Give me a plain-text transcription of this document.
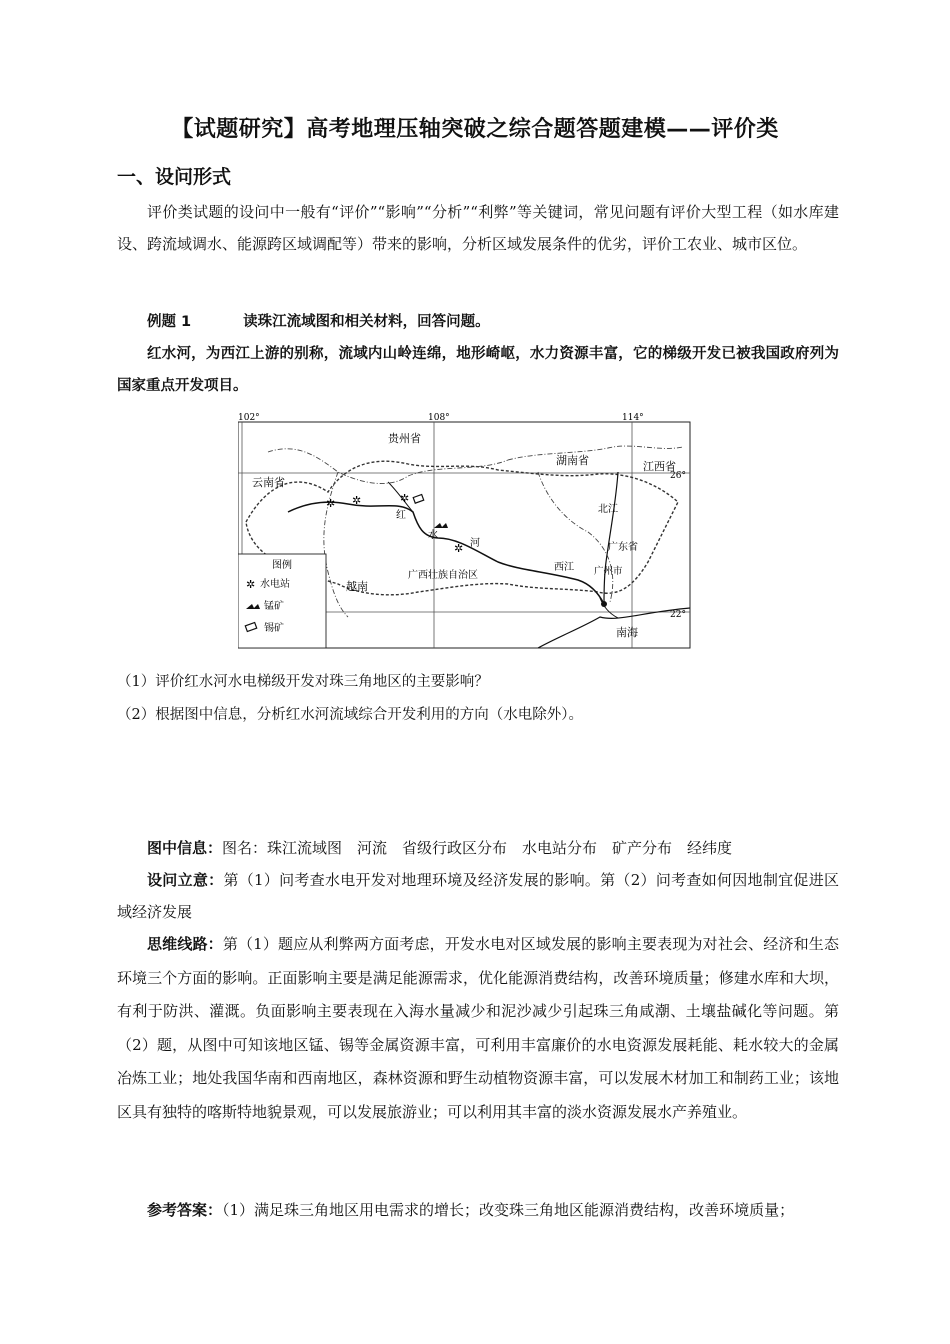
【试题研究】高考地理压轴突破之综合题答题建模——评价类
一、设问形式
评价类试题的设问中一般有“评价”“影响”“分析”“利弊”等关键词，常见问题有评价大型工程（如水库建设、跨流域调水、能源跨区域调配等）带来的影响，分析区域发展条件的优劣，评价工农业、城市区位。
例题 1	读珠江流域图和相关材料，回答问题。
红水河，为西江上游的别称，流域内山岭连绵，地形崎岖，水力资源丰富，它的梯级开发已被我国政府列为国家重点开发项目。
102°	108°	114°
26°
22°
贵州省
湖南省	江西省
云南省
广西壮族自治区
广东省
越南
南海
红
水
河
北江
西江 广州市
✲ ✲	✲
✲
图例
✲ 水电站
锰矿
锡矿
（1）评价红水河水电梯级开发对珠三角地区的主要影响？
（2）根据图中信息，分析红水河流域综合开发利用的方向（水电除外）。
图中信息：图名：珠江流域图　河流　省级行政区分布　水电站分布　矿产分布　经纬度
设问立意：第（1）问考查水电开发对地理环境及经济发展的影响。第（2）问考查如何因地制宜促进区域经济发展
思维线路：第（1）题应从利弊两方面考虑，开发水电对区域发展的影响主要表现为对社会、经济和生态环境三个方面的影响。正面影响主要是满足能源需求，优化能源消费结构，改善环境质量；修建水库和大坝，有利于防洪、灌溉。负面影响主要表现在入海水量减少和泥沙减少引起珠三角咸潮、土壤盐碱化等问题。第（2）题，从图中可知该地区锰、锡等金属资源丰富，可利用丰富廉价的水电资源发展耗能、耗水较大的金属冶炼工业；地处我国华南和西南地区，森林资源和野生动植物资源丰富，可以发展木材加工和制药工业；该地区具有独特的喀斯特地貌景观，可以发展旅游业；可以利用其丰富的淡水资源发展水产养殖业。
参考答案：（1）满足珠三角地区用电需求的增长；改变珠三角地区能源消费结构，改善环境质量；
